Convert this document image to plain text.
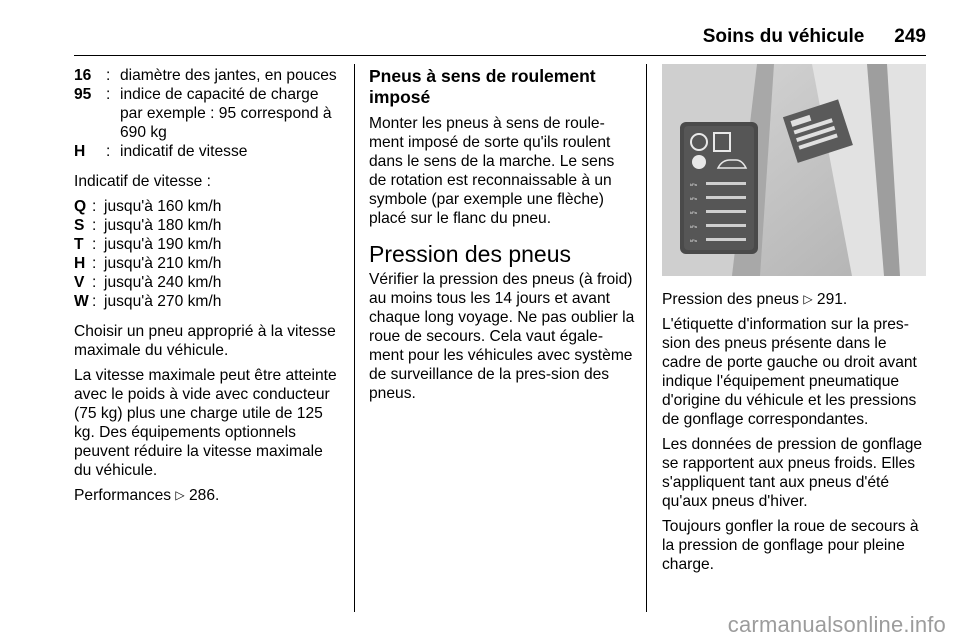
Soins du véhicule 249
16 : diamètre des jantes, en pouces
95 : indice de capacité de charge par exemple : 95 correspond à 690 kg
H	: indicatif de vitesse

Indicatif de vitesse :

Q : jusqu'à 160 km/h
S : jusqu'à 180 km/h
T : jusqu'à 190 km/h
H : jusqu'à 210 km/h
V : jusqu'à 240 km/h
W : jusqu'à 270 km/h

Choisir un pneu approprié à la vitesse maximale du véhicule.

La vitesse maximale peut être atteinte avec le poids à vide avec conducteur (75 kg) plus une charge utile de 125 kg. Des équipements optionnels peuvent réduire la vitesse maximale du véhicule.

Performances ▷ 286.

Pneus à sens de roulement imposé

Monter les pneus à sens de roule-ment imposé de sorte qu'ils roulent dans le sens de la marche. Le sens de rotation est reconnaissable à un symbole (par exemple une flèche) placé sur le flanc du pneu.

Pression des pneus

Vérifier la pression des pneus (à froid) au moins tous les 14 jours et avant chaque long voyage. Ne pas oublier la roue de secours. Cela vaut égale-ment pour les véhicules avec système de surveillance de la pres-sion des pneus.

kPa
kPa
kPa
kPa
kPa

Pression des pneus ▷ 291.

L'étiquette d'information sur la pres-sion des pneus présente dans le cadre de porte gauche ou droit avant indique l'équipement pneumatique d'origine du véhicule et les pressions de gonflage correspondantes.

Les données de pression de gonflage se rapportent aux pneus froids. Elles s'appliquent tant aux pneus d'été qu'aux pneus d'hiver.

Toujours gonfler la roue de secours à la pression de gonflage pour pleine charge.

carmanualsonline.info
